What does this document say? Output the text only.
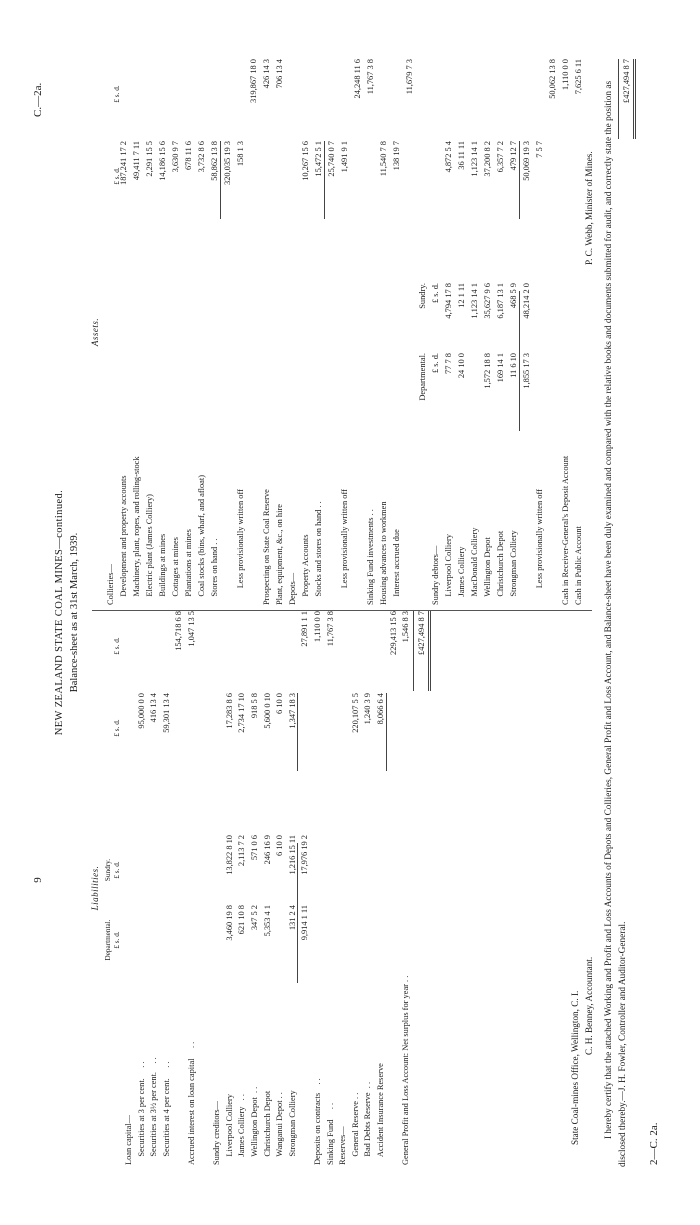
9
C.—2a.
2—C. 2a.
NEW ZEALAND STATE COAL MINES—continued. Balance-sheet as at 31st March, 1939.
Liabilities.
Departmental.
Sundry.
£ s. d.
£ s. d.
£ s. d.
£ s. d.
Loan capital— Securities at 3 per cent.     . .
95,000 0 0
Securities at 3½ per cent.    . .
416 13 4
Securities at 4 per cent.     . .
59,301 13 4
154,718 6 8
Accrued interest on loan capital     . .
1,047 13 5
Sundry creditors— Liverpool Colliery
3,460 19 8
13,822 8 10
17,283 8 6
James Colliery   . .
621 10 8
2,113 7 2
2,734 17 10
Wellington Depot  . .
347 5 2
571 0 6
918 5 8
Christchurch Depot
5,353 4 1
246 16 9
5,600 0 10
Wanganui Depot . .
6 10 0
6 10 0
Strongman Colliery
131 2 4
1,216 15 11
1,347 18 3
9,914 1 11
17,976 19 2
27,891 1 1
Deposits on contracts    . .
1,110 0 0
Sinking Fund     . .
11,767 3 8
Reserves— General Reserve . .
220,107 5 5
Bad Debts Reserve  . .
1,240 3 9
Accident Insurance Reserve
8,066 6 4
229,413 15 6
General Profit and Loss Account: Net surplus for year . .
1,546 8 3 £427,494 8 7
Assets.
£ s. d.
£ s. d.
Collieries— Development and property accounts
187,241 17 2
Machinery, plant, ropes, and rolling-stock
49,411 7 11
Electric plant (James Colliery)
2,291 15 5
Buildings at mines
14,186 15 6
Cottages at mines
3,630 9 7
Plantations at mines
678 11 6
Coal stocks (bins, wharf, and afloat)
3,732 8 6
Stores on hand . .
58,862 13 8 320,035 19 3
Less provisionally written off
158 1 3
319,867 18 0
Prospecting on State Coal Reserve
426 14 3
Plant, equipment, &c., on hire
706 13 4
Depots— Property Accounts
10,267 15 6
Stocks and stores on hand . .
15,472 5 1 25,740 0 7
Less provisionally written off
1,491 9 1
24,248 11 6
Sinking Fund investments . .
11,767 3 8
Housing advances to workmen
11,540 7 8
Interest accrued due
138 19 7
11,679 7 3
Departmental.
Sundry.
Sundry debtors—
£ s. d.
£ s. d.
Liverpool Colliery
77 7 8
4,794 17 8
4,872 5 4
James Colliery
24 10 0
12 1 11
36 11 11
MacDonald Colliery
1,123 14 1
1,123 14 1
Wellington Depot
1,572 18 8
35,627 9 6
37,200 8 2
Christchurch Depot
169 14 1
6,187 13 1
6,357 7 2
Strongman Colliery
11 6 10
468 5 9
479 12 7
1,855 17 3
48,214 2 0
50,069 19 3
Less provisionally written off
7 5 7
50,062 13 8
Cash in Receiver-General's Deposit Account
1,110 0 0
Cash in Public Account
7,625 6 11	£427,494 8 7
State Coal-mines Office, Wellington, C. I. C. H. Benney, Accountant.
P. C. Webb, Minister of Mines. I hereby certify that the attached Working and Profit and Loss Accounts of Depots and Collieries, General Profit and Loss Account, and Balance-sheet have been duly examined and compared with the relative books and documents submitted for audit, and correctly state the position as disclosed thereby.—J. H. Fowler, Controller and Auditor-General.
